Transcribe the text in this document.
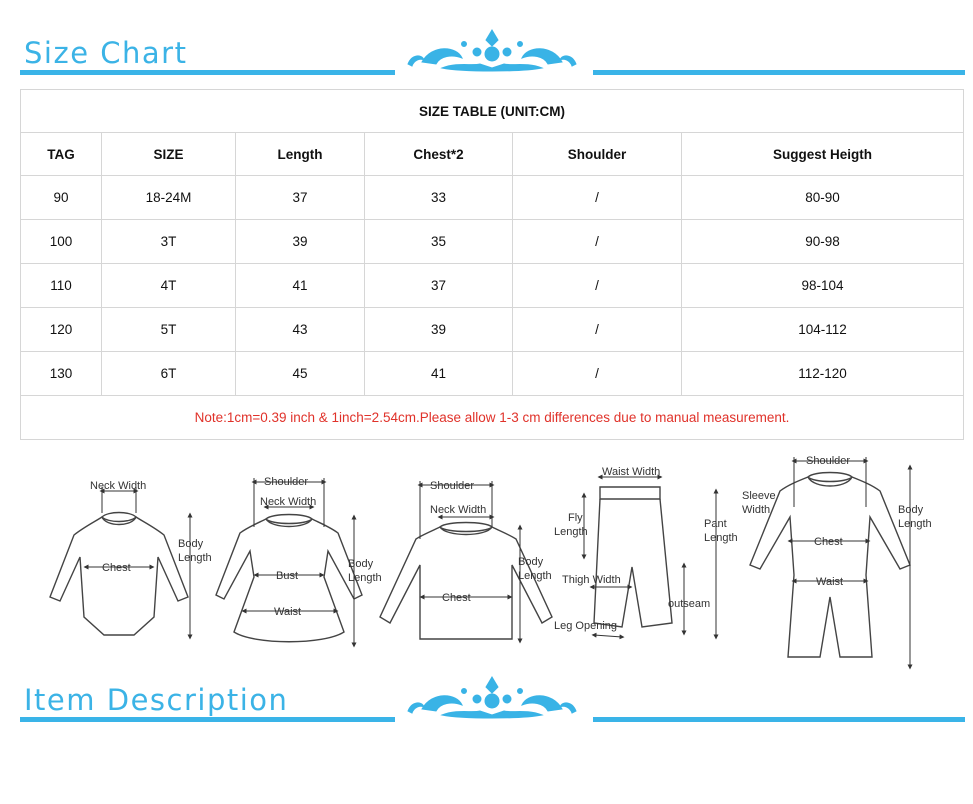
Size Chart
SIZE TABLE (UNIT:CM)					
TAG	SIZE	Length	Chest*2	Shoulder	Suggest Heigth
90	18-24M	37	33	/	80-90
100	3T	39	35	/	90-98
110	4T	41	37	/	98-104
120	5T	43	39	/	104-112
130	6T	45	41	/	112-120
Note:1cm=0.39 inch & 1inch=2.54cm.Please allow 1-3 cm differences due to manual measurement.					
Neck Width
Chest
Body
Length
Shoulder
Neck Width
Bust
Waist
Body
Length
Shoulder
Neck Width
Chest
Body
Length
Waist Width
Fly
Length
Pant
Length
Thigh Width
outseam
Leg Opening
Shoulder
Sleeve
Width
Chest
Waist
Body
Length
Item Description
